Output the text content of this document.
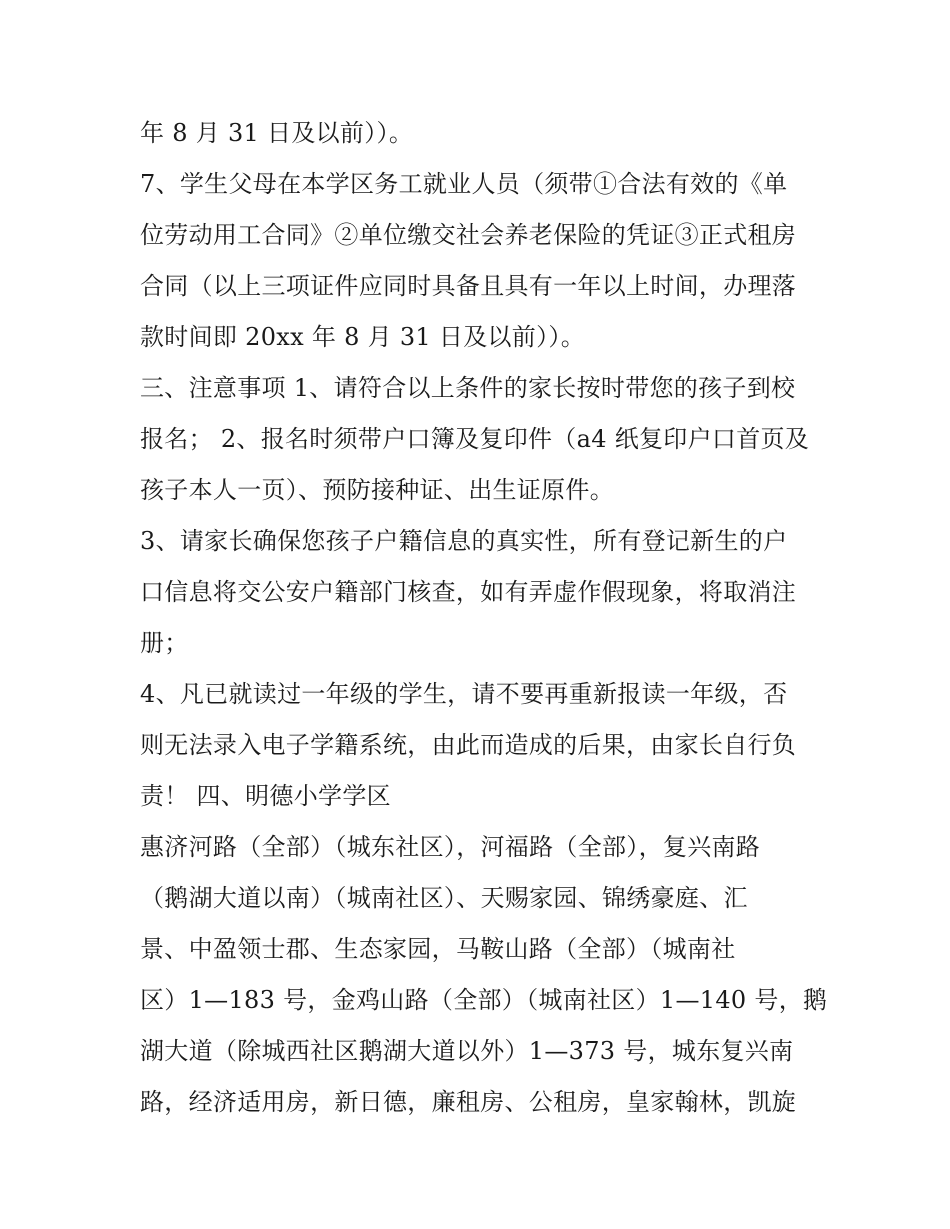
年 8 月 31 日及以前））。
7、学生父母在本学区务工就业人员（须带①合法有效的《单
位劳动用工合同》②单位缴交社会养老保险的凭证③正式租房
合同（以上三项证件应同时具备且具有一年以上时间，办理落
款时间即 20xx 年 8 月 31 日及以前））。
三、注意事项 1、请符合以上条件的家长按时带您的孩子到校
报名； 2、报名时须带户口簿及复印件（a4 纸复印户口首页及
孩子本人一页）、预防接种证、出生证原件。
3、请家长确保您孩子户籍信息的真实性，所有登记新生的户
口信息将交公安户籍部门核查，如有弄虚作假现象，将取消注
册；
4、凡已就读过一年级的学生，请不要再重新报读一年级，否
则无法录入电子学籍系统，由此而造成的后果，由家长自行负
责！ 四、明德小学学区
惠济河路（全部）（城东社区），河福路（全部），复兴南路
（鹅湖大道以南）（城南社区）、天赐家园、锦绣豪庭、汇
景、中盈领士郡、生态家园，马鞍山路（全部）（城南社
区）1—183 号，金鸡山路（全部）（城南社区）1—140 号，鹅
湖大道（除城西社区鹅湖大道以外）1—373 号，城东复兴南
路，经济适用房，新日德，廉租房、公租房，皇家翰林，凯旋
